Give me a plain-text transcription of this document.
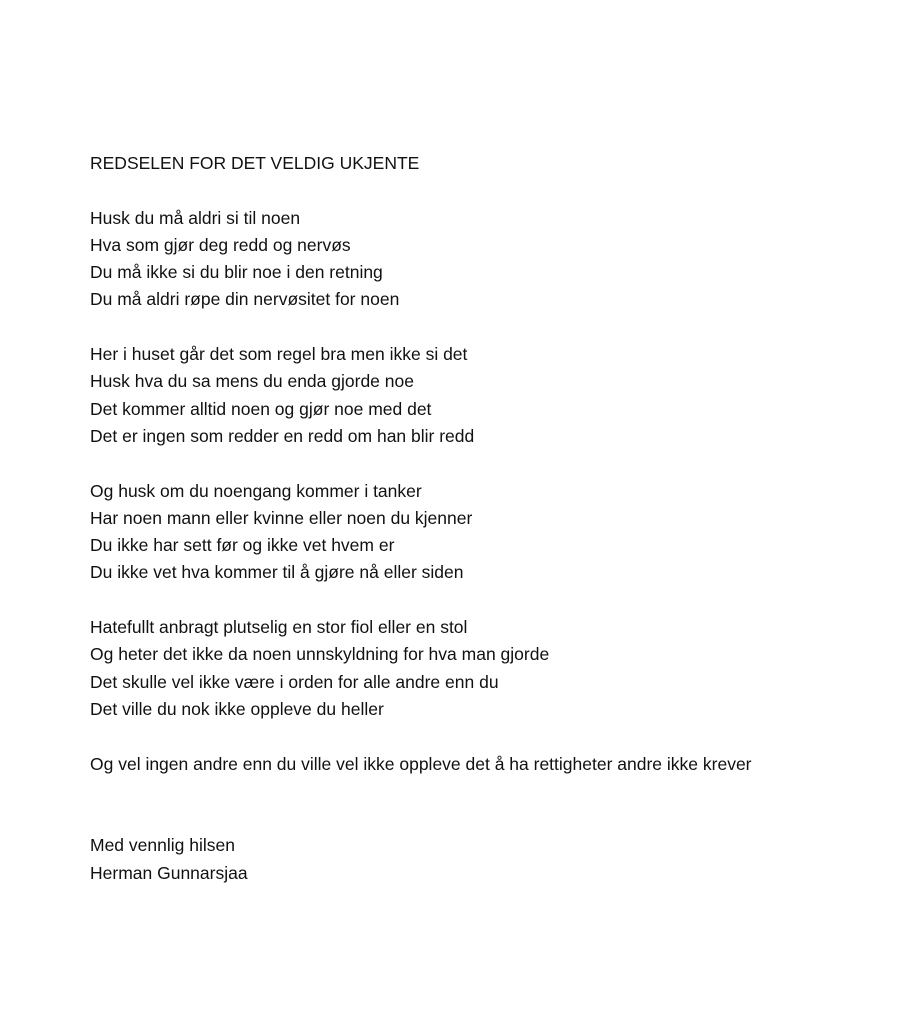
REDSELEN FOR DET VELDIG UKJENTE
Husk du må aldri si til noen
Hva som gjør deg redd og nervøs
Du må ikke si du blir noe i den retning
Du må aldri røpe din nervøsitet for noen
Her i huset går det som regel bra men ikke si det
Husk hva du sa mens du enda gjorde noe
Det kommer alltid noen og gjør noe med det
Det er ingen som redder en redd om han blir redd
Og husk om du noengang kommer i tanker
Har noen mann eller kvinne eller noen du kjenner
Du ikke har sett før og ikke vet hvem er
Du ikke vet hva kommer til å gjøre nå eller siden
Hatefullt anbragt plutselig en stor fiol eller en stol
Og heter det ikke da noen unnskyldning for hva man gjorde
Det skulle vel ikke være i orden for alle andre enn du
Det ville du nok ikke oppleve du heller
Og vel ingen andre enn du ville vel ikke oppleve det å ha rettigheter andre ikke krever
Med vennlig hilsen
Herman Gunnarsjaa
